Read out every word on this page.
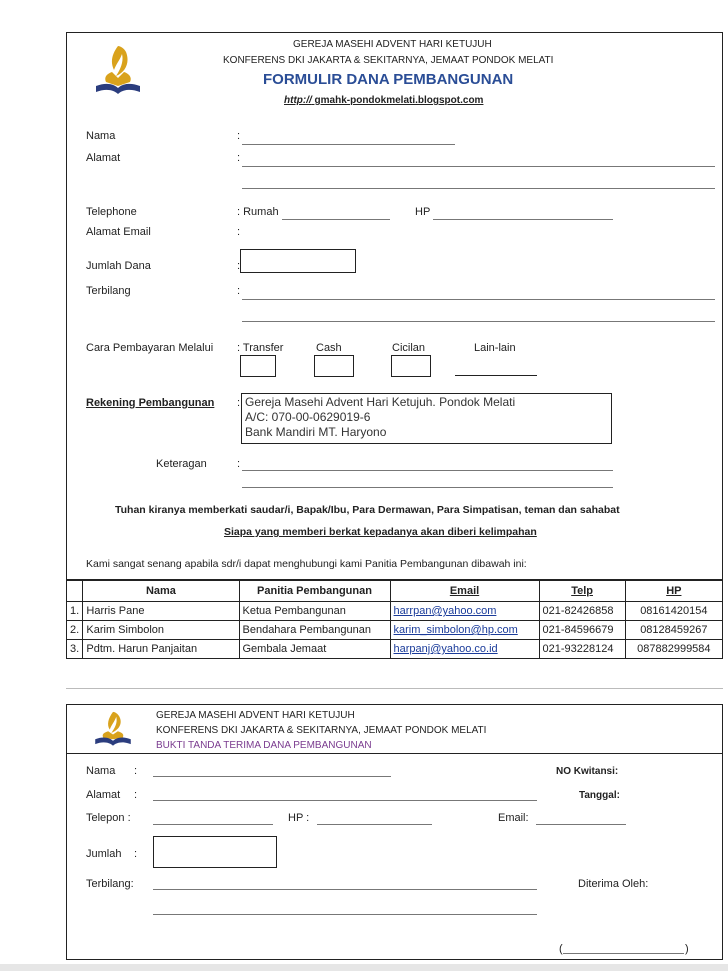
GEREJA MASEHI ADVENT HARI KETUJUH
KONFERENS DKI JAKARTA & SEKITARNYA, JEMAAT PONDOK MELATI
FORMULIR DANA PEMBANGUNAN
http:// gmahk-pondokmelati.blogspot.com
Nama	:
Alamat	:
Telephone	: Rumah	HP
Alamat Email	:
Jumlah Dana	:
Terbilang	:
Cara Pembayaran Melalui : Transfer	Cash	Cicilan	Lain-lain
Rekening Pembangunan : Gereja Masehi Advent Hari Ketujuh. Pondok Melati
A/C: 070-00-0629019-6
Bank Mandiri MT. Haryono
Keteragan	:
Tuhan kiranya memberkati saudar/i, Bapak/Ibu, Para Dermawan, Para Simpatisan, teman dan sahabat
Siapa yang memberi berkat kepadanya akan diberi kelimpahan
Kami sangat senang apabila sdr/i dapat menghubungi kami Panitia Pembangunan dibawah ini:
	Nama	Panitia Pembangunan	Email	Telp	HP
1.	Harris Pane	Ketua Pembangunan	harrpan@yahoo.com	021-82426858	08161420154
2.	Karim Simbolon	Bendahara Pembangunan	karim_simbolon@hp.com	021-84596679	08128459267
3.	Pdtm. Harun Panjaitan	Gembala Jemaat	harpanj@yahoo.co.id	021-93228124	087882999584
GEREJA MASEHI ADVENT HARI KETUJUH
KONFERENS DKI JAKARTA & SEKITARNYA, JEMAAT PONDOK MELATI
BUKTI TANDA TERIMA DANA PEMBANGUNAN
Nama :	NO Kwitansi:
Alamat :	Tanggal:
Telepon :	HP :	Email:
Jumlah :
Terbilang:	Diterima Oleh:
(	)
